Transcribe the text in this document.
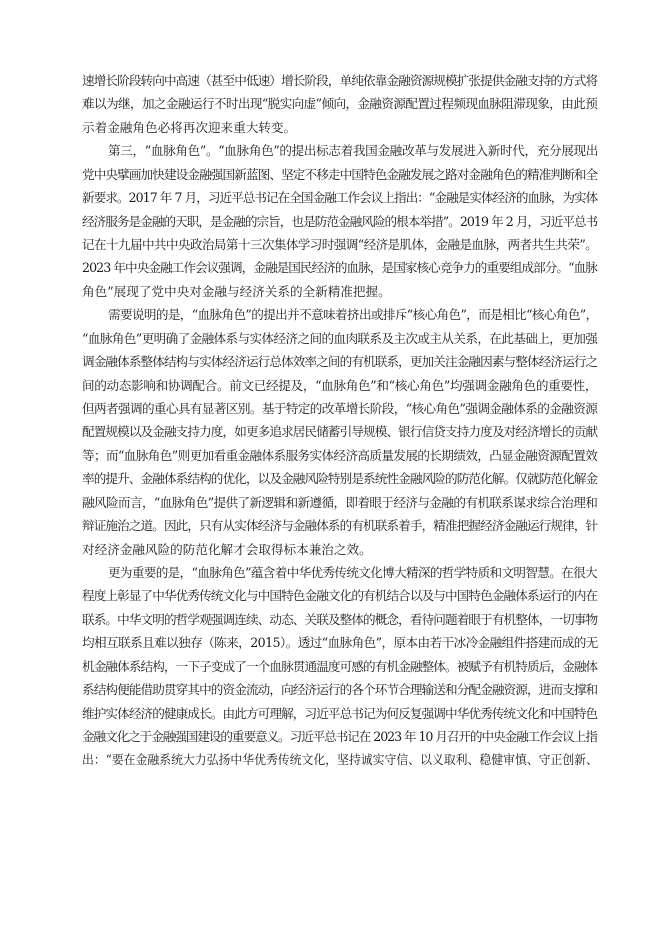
速增长阶段转向中高速（甚至中低速）增长阶段，单纯依靠金融资源规模扩张提供金融支持的方式将
难以为继，加之金融运行不时出现“脱实向虚”倾向，金融资源配置过程频现血脉阻滞现象，由此预
示着金融角色必将再次迎来重大转变。
第三，“血脉角色”。“血脉角色”的提出标志着我国金融改革与发展进入新时代，充分展现出
党中央擘画加快建设金融强国新蓝图、坚定不移走中国特色金融发展之路对金融角色的精准判断和全
新要求。2017 年 7 月，习近平总书记在全国金融工作会议上指出：“金融是实体经济的血脉，为实体
经济服务是金融的天职，是金融的宗旨，也是防范金融风险的根本举措”。2019 年 2 月，习近平总书
记在十九届中共中央政治局第十三次集体学习时强调“经济是肌体，金融是血脉，两者共生共荣”。
2023 年中央金融工作会议强调，金融是国民经济的血脉，是国家核心竞争力的重要组成部分。“血脉
角色”展现了党中央对金融与经济关系的全新精准把握。
需要说明的是，“血脉角色”的提出并不意味着挤出或排斥“核心角色”，而是相比“核心角色”，
“血脉角色”更明确了金融体系与实体经济之间的血肉联系及主次或主从关系，在此基础上，更加强
调金融体系整体结构与实体经济运行总体效率之间的有机联系，更加关注金融因素与整体经济运行之
间的动态影响和协调配合。前文已经提及，“血脉角色”和“核心角色”均强调金融角色的重要性，
但两者强调的重心具有显著区别。基于特定的改革增长阶段，“核心角色”强调金融体系的金融资源
配置规模以及金融支持力度，如更多追求居民储蓄引导规模、银行信贷支持力度及对经济增长的贡献
等；而“血脉角色”则更加看重金融体系服务实体经济高质量发展的长期绩效，凸显金融资源配置效
率的提升、金融体系结构的优化，以及金融风险特别是系统性金融风险的防范化解。仅就防范化解金
融风险而言，“血脉角色”提供了新逻辑和新遵循，即着眼于经济与金融的有机联系谋求综合治理和
辩证施治之道。因此，只有从实体经济与金融体系的有机联系着手，精准把握经济金融运行规律，针
对经济金融风险的防范化解才会取得标本兼治之效。
更为重要的是，“血脉角色”蕴含着中华优秀传统文化博大精深的哲学特质和文明智慧。在很大
程度上彰显了中华优秀传统文化与中国特色金融文化的有机结合以及与中国特色金融体系运行的内在
联系。中华文明的哲学观强调连续、动态、关联及整体的概念，看待问题着眼于有机整体，一切事物
均相互联系且难以独存（陈来，2015）。透过“血脉角色”，原本由若干冰冷金融组件搭建而成的无
机金融体系结构，一下子变成了一个血脉贯通温度可感的有机金融整体。被赋予有机特质后，金融体
系结构便能借助贯穿其中的资金流动，向经济运行的各个环节合理输送和分配金融资源，进而支撑和
维护实体经济的健康成长。由此方可理解，习近平总书记为何反复强调中华优秀传统文化和中国特色
金融文化之于金融强国建设的重要意义。习近平总书记在 2023 年 10 月召开的中央金融工作会议上指
出：“要在金融系统大力弘扬中华优秀传统文化，坚持诚实守信、以义取利、稳健审慎、守正创新、
